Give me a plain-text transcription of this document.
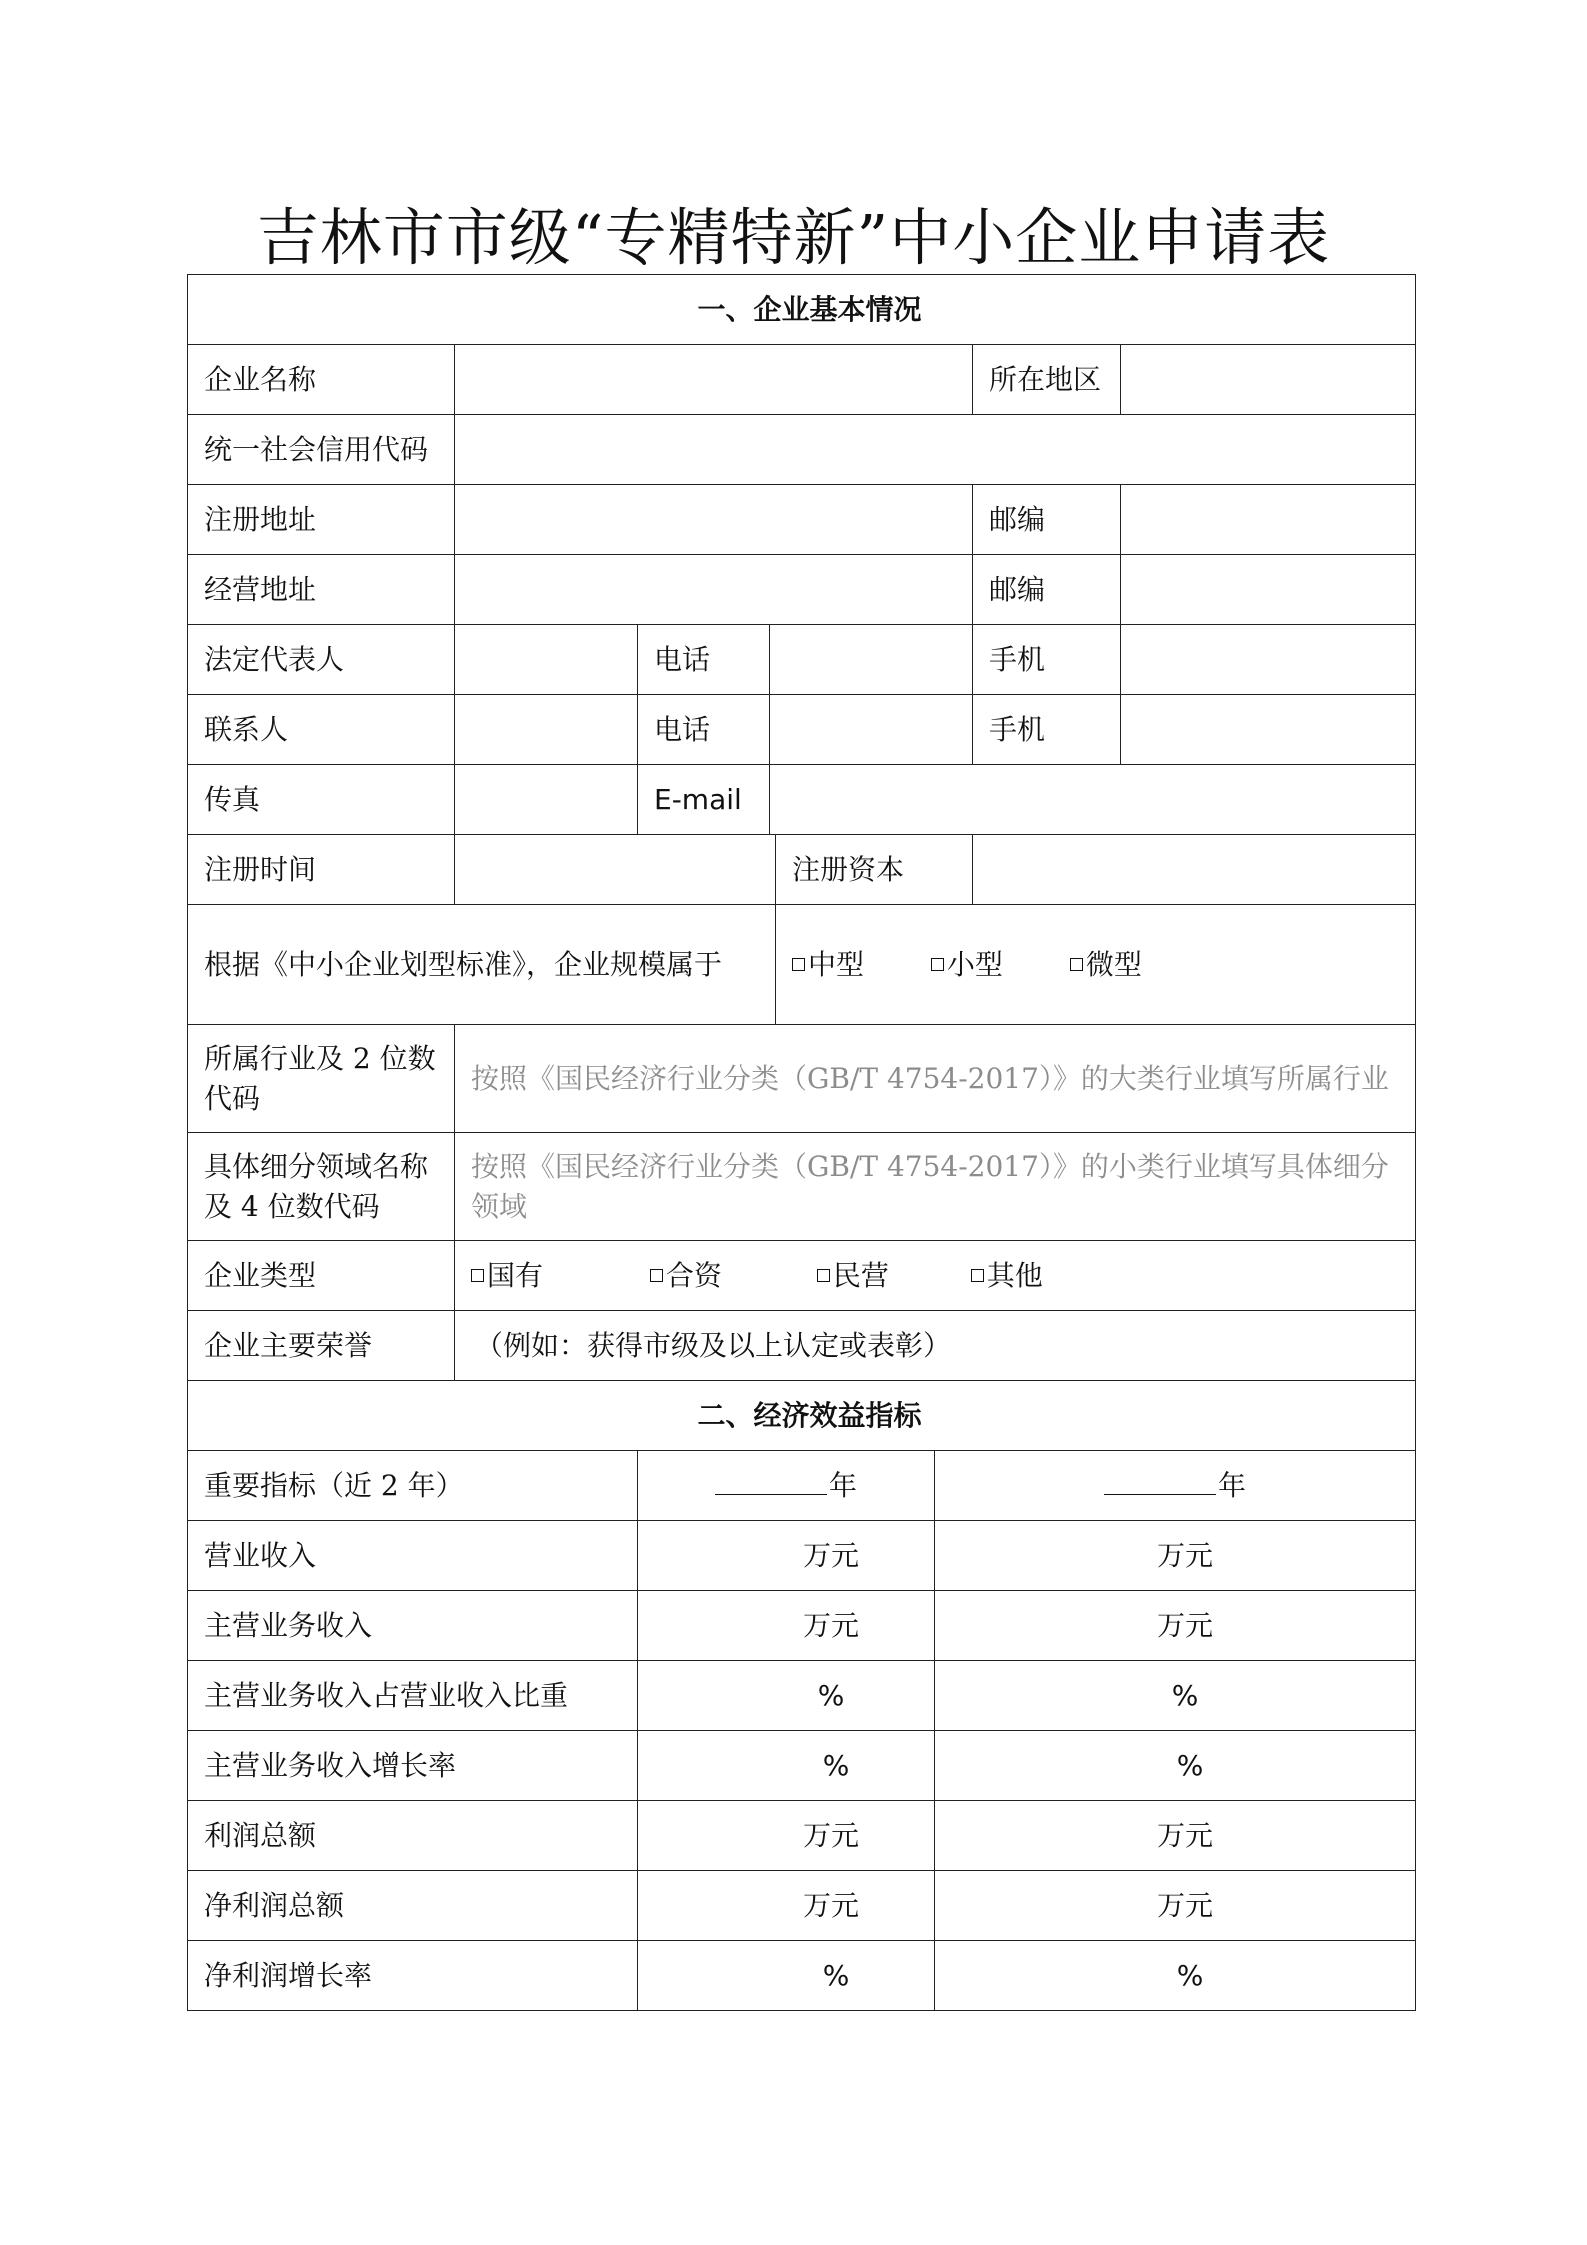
吉林市市级“专精特新”中小企业申请表
一、企业基本情况							
企业名称						所在地区	
统一社会信用代码							
注册地址						邮编	
经营地址						邮编	
法定代表人		电话				手机	
联系人		电话				手机	
传真		E-mail					
注册时间				注册资本			
根据《中小企业划型标准》，企业规模属于				中型 小型 微型			
所属行业及 2 位数代码	按照《国民经济行业分类（GB/T 4754-2017）》的大类行业填写所属行业						
具体细分领域名称及 4 位数代码	按照《国民经济行业分类（GB/T 4754-2017）》的小类行业填写具体细分领域						
企业类型	国有 合资 民营 其他						
企业主要荣誉	（例如：获得市级及以上认定或表彰）						
二、经济效益指标							
重要指标（近 2 年）		年			年		
营业收入		万元			万元		
主营业务收入		万元			万元		
主营业务收入占营业收入比重		%			%		
主营业务收入增长率		%			%		
利润总额		万元			万元		
净利润总额		万元			万元		
净利润增长率		%			%		
